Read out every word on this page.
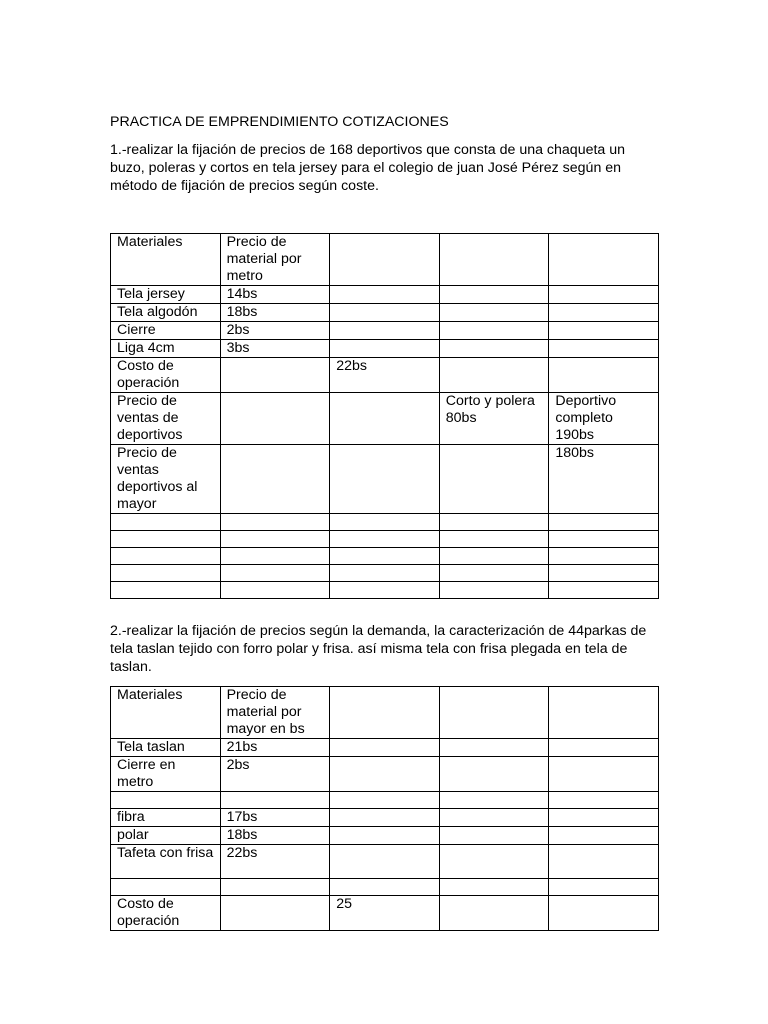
PRACTICA DE EMPRENDIMIENTO COTIZACIONES
1.-realizar la fijación de precios de 168 deportivos que consta de una chaqueta un buzo, poleras y cortos en tela jersey para el colegio de juan José Pérez según en método de fijación de precios según coste.
Materiales	Precio de material por metro			
Tela jersey	14bs			
Tela algodón	18bs			
Cierre	2bs			
Liga 4cm	3bs			
Costo de operación		22bs		
Precio de ventas de deportivos			Corto y polera 80bs	Deportivo completo 190bs
Precio de ventas deportivos al mayor				180bs

2.-realizar la fijación de precios según la demanda, la caracterización de 44parkas de tela taslan tejido con forro polar y frisa. así misma tela con frisa plegada en tela de taslan.
Materiales	Precio de material por mayor en bs			
Tela taslan	21bs			
Cierre en metro	2bs			

fibra	17bs			
polar	18bs			
Tafeta con frisa	22bs			

Costo de operación		25		
